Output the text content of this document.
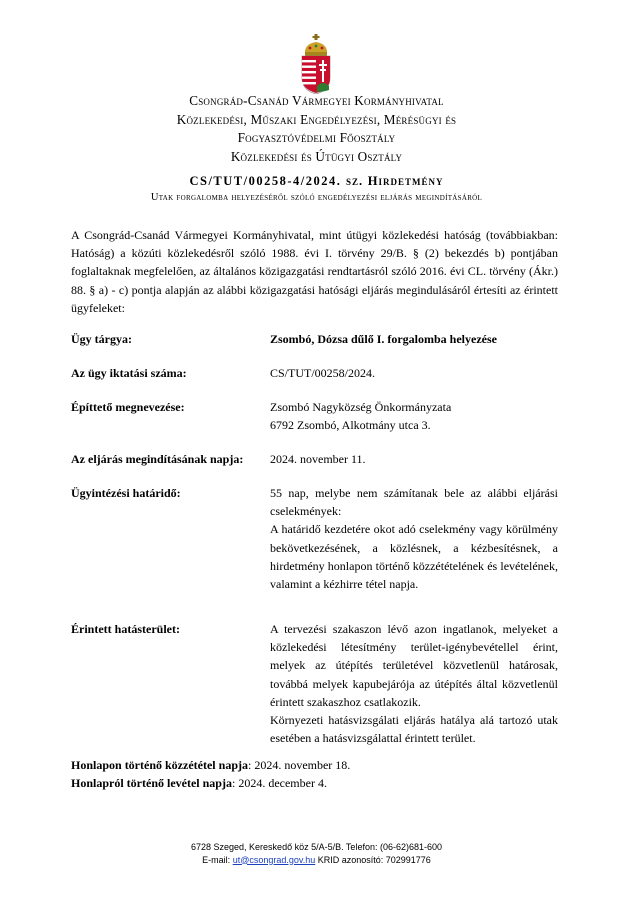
Csongrád-Csanád Vármegyei Kormányhivatal
Közlekedési, Műszaki Engedélyezési, Mérésügyi és
Fogyasztóvédelmi Főosztály
Közlekedési és Útügyi Osztály
CS/TUT/00258-4/2024. sz. Hirdetmény
Utak forgalomba helyezéséről szóló engedélyezési eljárás megindításáról
A Csongrád-Csanád Vármegyei Kormányhivatal, mint útügyi közlekedési hatóság (továbbiakban: Hatóság) a közúti közlekedésről szóló 1988. évi I. törvény 29/B. § (2) bekezdés b) pontjában foglaltaknak megfelelően, az általános közigazgatási rendtartásról szóló 2016. évi CL. törvény (Ákr.) 88. § a) - c) pontja alapján az alábbi közigazgatási hatósági eljárás megindulásáról értesíti az érintett ügyfeleket:
Ügy tárgya:	Zsombó, Dózsa dűlő I. forgalomba helyezése
Az ügy iktatási száma:	CS/TUT/00258/2024.
Építtető megnevezése:	Zsombó Nagyközség Önkormányzata
6792 Zsombó, Alkotmány utca 3.
Az eljárás megindításának napja: 2024. november 11.
Ügyintézési határidő:	55 nap, melybe nem számítanak bele az alábbi eljárási cselekmények:
A határidő kezdetére okot adó cselekmény vagy körülmény bekövetkezésének, a közlésnek, a kézbesítésnek, a hirdetmény honlapon történő közzétételének és levételének, valamint a kézhirre tétel napja.
Érintett hatásterület:	A tervezési szakaszon lévő azon ingatlanok, melyeket a közlekedési létesítmény terület-igénybevétellel érint, melyek az útépítés területével közvetlenül határosak, továbbá melyek kapubejárója az útépítés által közvetlenül érintett szakaszhoz csatlakozik.
Környezeti hatásvizsgálati eljárás hatálya alá tartozó utak esetében a hatásvizsgálattal érintett terület.
Honlapon történő közzététel napja: 2024. november 18.
Honlapról történő levétel napja: 2024. december 4.
6728 Szeged, Kereskedő köz 5/A-5/B. Telefon: (06-62)681-600
E-mail: ut@csongrad.gov.hu KRID azonosító: 702991776
